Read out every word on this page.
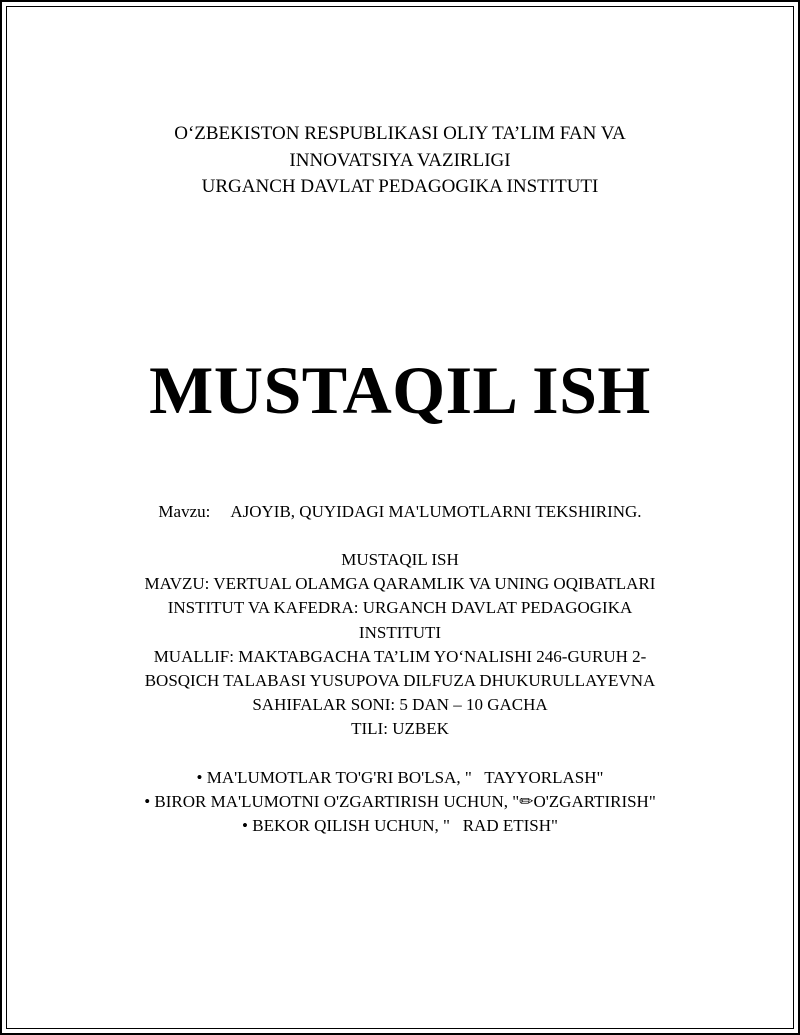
O‘ZBEKISTON RESPUBLIKASI OLIY TA’LIM FAN VA
INNOVATSIYA VAZIRLIGI
URGANCH DAVLAT PEDAGOGIKA INSTITUTI
MUSTAQIL ISH
Mavzu: AJOYIB, QUYIDAGI MA'LUMOTLARNI TEKSHIRING.
MUSTAQIL ISH
MAVZU: VERTUAL OLAMGA QARAMLIK VA UNING OQIBATLARI
INSTITUT VA KAFEDRA: URGANCH DAVLAT PEDAGOGIKA
INSTITUTI
MUALLIF: MAKTABGACHA TA’LIM YO‘NALISHI 246-GURUH 2-
BOSQICH TALABASI YUSUPOVA DILFUZA DHUKURULLAYEVNA
SAHIFALAR SONI: 5 DAN – 10 GACHA
TILI: UZBEK
• MA'LUMOTLAR TO'G'RI BO'LSA, "   TAYYORLASH"
• BIROR MA'LUMOTNI O'ZGARTIRISH UCHUN, "✏O'ZGARTIRISH"
• BEKOR QILISH UCHUN, "   RAD ETISH"
